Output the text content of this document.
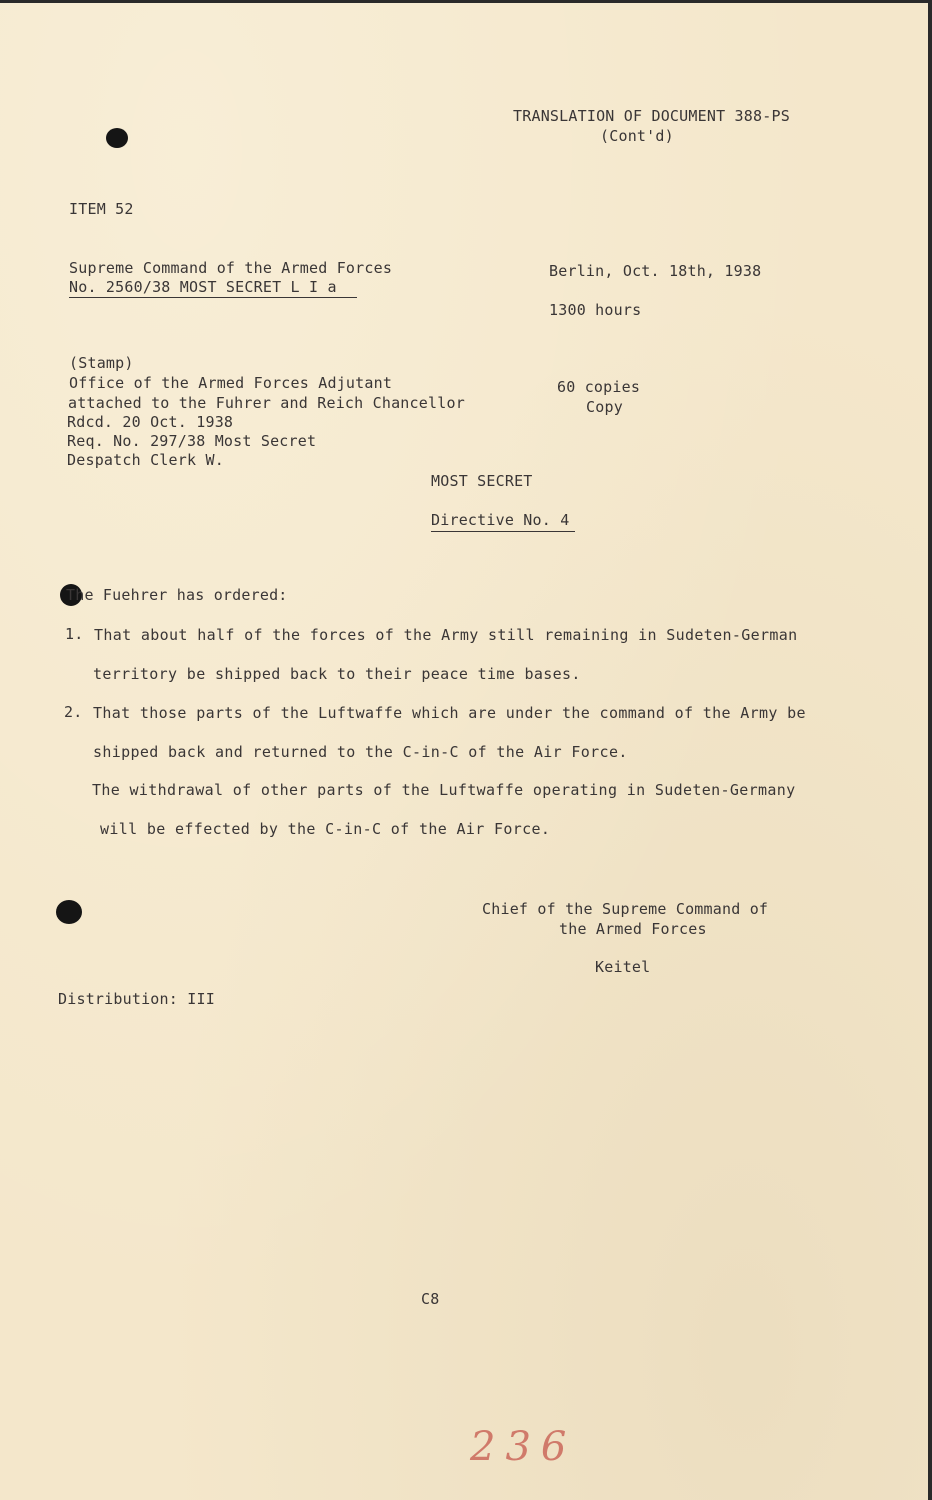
TRANSLATION OF DOCUMENT 388-PS
(Cont'd)
ITEM 52
Supreme Command of the Armed Forces
No. 2560/38 MOST SECRET L I a
Berlin, Oct. 18th, 1938
1300 hours
(Stamp)
Office of the Armed Forces Adjutant
attached to the Fuhrer and Reich Chancellor
Rdcd. 20 Oct. 1938
Req. No. 297/38 Most Secret
Despatch Clerk W.
60 copies
Copy
MOST SECRET
Directive No. 4
The Fuehrer has ordered:
1. That about half of the forces of the Army still remaining in Sudeten-German
territory be shipped back to their peace time bases.
2. That those parts of the Luftwaffe which are under the command of the Army be
shipped back and returned to the C-in-C of the Air Force.
The withdrawal of other parts of the Luftwaffe operating in Sudeten-Germany
will be effected by the C-in-C of the Air Force.
Chief of the Supreme Command of
the Armed Forces
Keitel
Distribution: III
C8
236
